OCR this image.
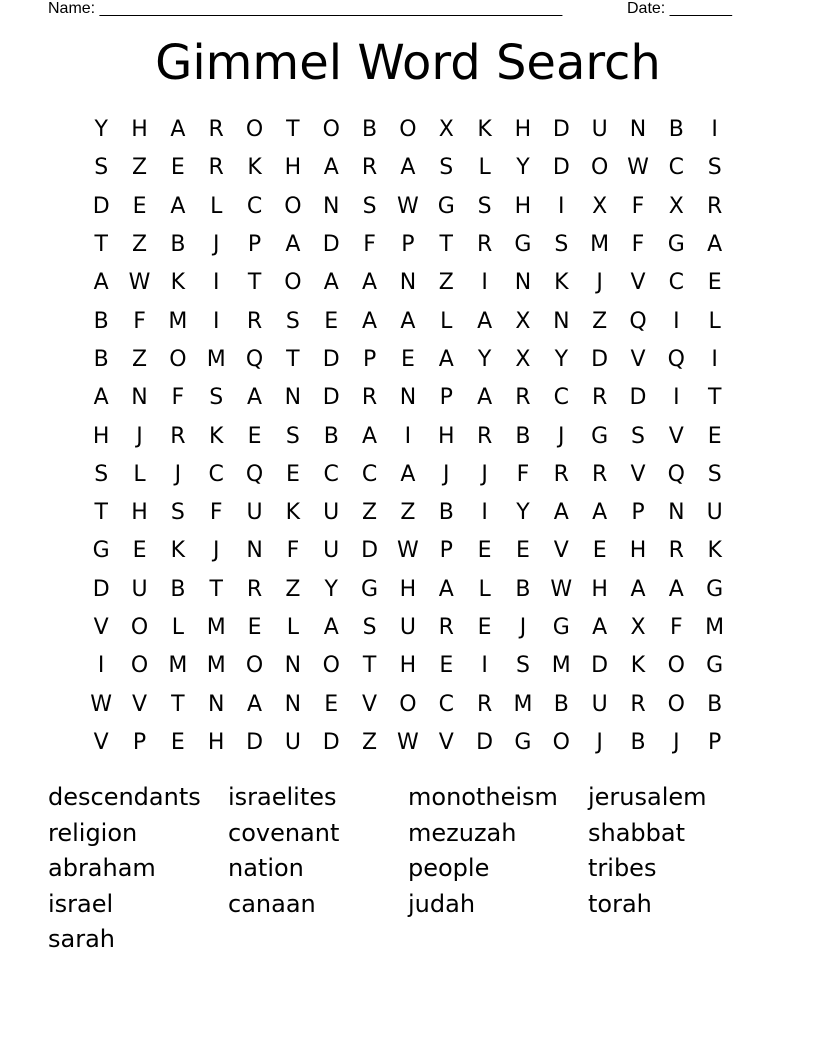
Name: ____________________________________________________	Date: _______
Gimmel Word Search
Y	H	A	R	O	T	O	B	O	X	K	H D U	N	B	I
S	Z	E	R	K	H	A	R	A	S	L	Y	D O W C	S
D	E	A	L	C O N	S W G	S	H	I	X	F	X	R
T	Z	B	J	P	A	D	F	P	T	R	G	S M	F	G	A
A W K	I	T	O	A	A	N	Z	I	N	K	J	V	C	E
B	F	M	I	R	S	E	A	A	L	A	X	N	Z	Q	I	L
B	Z	O M Q	T	D	P	E	A	Y	X	Y	D	V	Q	I
A	N	F	S	A	N D	R	N	P	A	R	C	R	D	I	T
H	J	R	K	E	S	B	A	I	H	R	B	J	G	S	V	E
S	L	J	C Q	E	C	C	A	J	J	F	R	R	V	Q	S
T	H	S	F	U	K	U	Z	Z	B	I	Y	A	A	P	N	U
G	E	K	J	N	F	U D W P	E	E	V	E	H	R	K
D U	B	T	R	Z	Y	G H	A	L	B W H	A	A	G
V	O	L	M E	L	A	S	U	R	E	J	G	A	X	F	M
I	O M M O N O	T	H	E	I	S M D	K	O G
W V	T	N	A	N	E	V	O	C	R M B	U	R	O	B
V	P	E	H D U D	Z W V	D G O	J	B	J	P
descendants	israelites	monotheism	jerusalem
religion	covenant	mezuzah	shabbat
abraham	nation	people	tribes
israel	canaan	judah	torah
sarah
